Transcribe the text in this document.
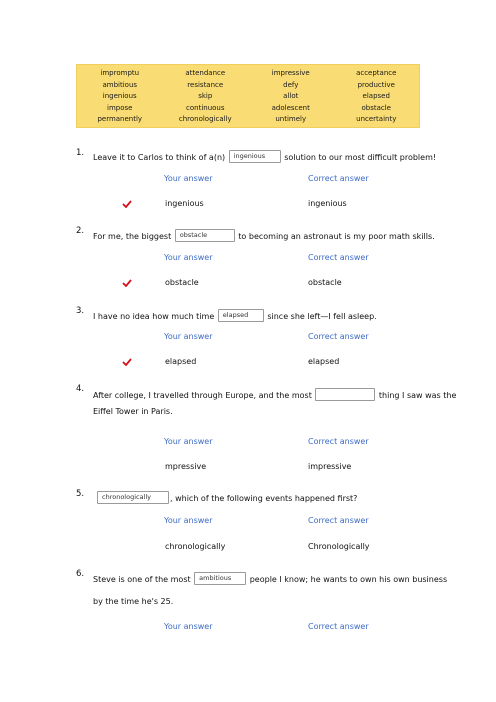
impromptu	attendance	impressive	acceptance
ambitious	resistance	defy	productive
ingenious	skip	allot	elapsed
impose	continuous	adolescent	obstacle
permanently	chronologically	untimely	uncertainty
1. Leave it to Carlos to think of a(n) ingenious solution to our most difficult problem!
Your answer	Correct answer
ingenious	ingenious
2.
For me, the biggest obstacle	to becoming an astronaut is my poor math skills.
Your answer	Correct answer
obstacle	obstacle
3.
I have no idea how much time elapsed since she left—I fell asleep.
Your answer	Correct answer
elapsed	elapsed
4.
After college, I travelled through Europe, and the most	thing I saw was the
Eiffel Tower in Paris.
Your answer	Correct answer
mpressive	impressive
5.	chronologically , which of the following events happened first?
Your answer	Correct answer
chronologically	Chronologically
6.
Steve is one of the most ambitious people I know; he wants to own his own business
by the time he's 25.
Your answer	Correct answer
